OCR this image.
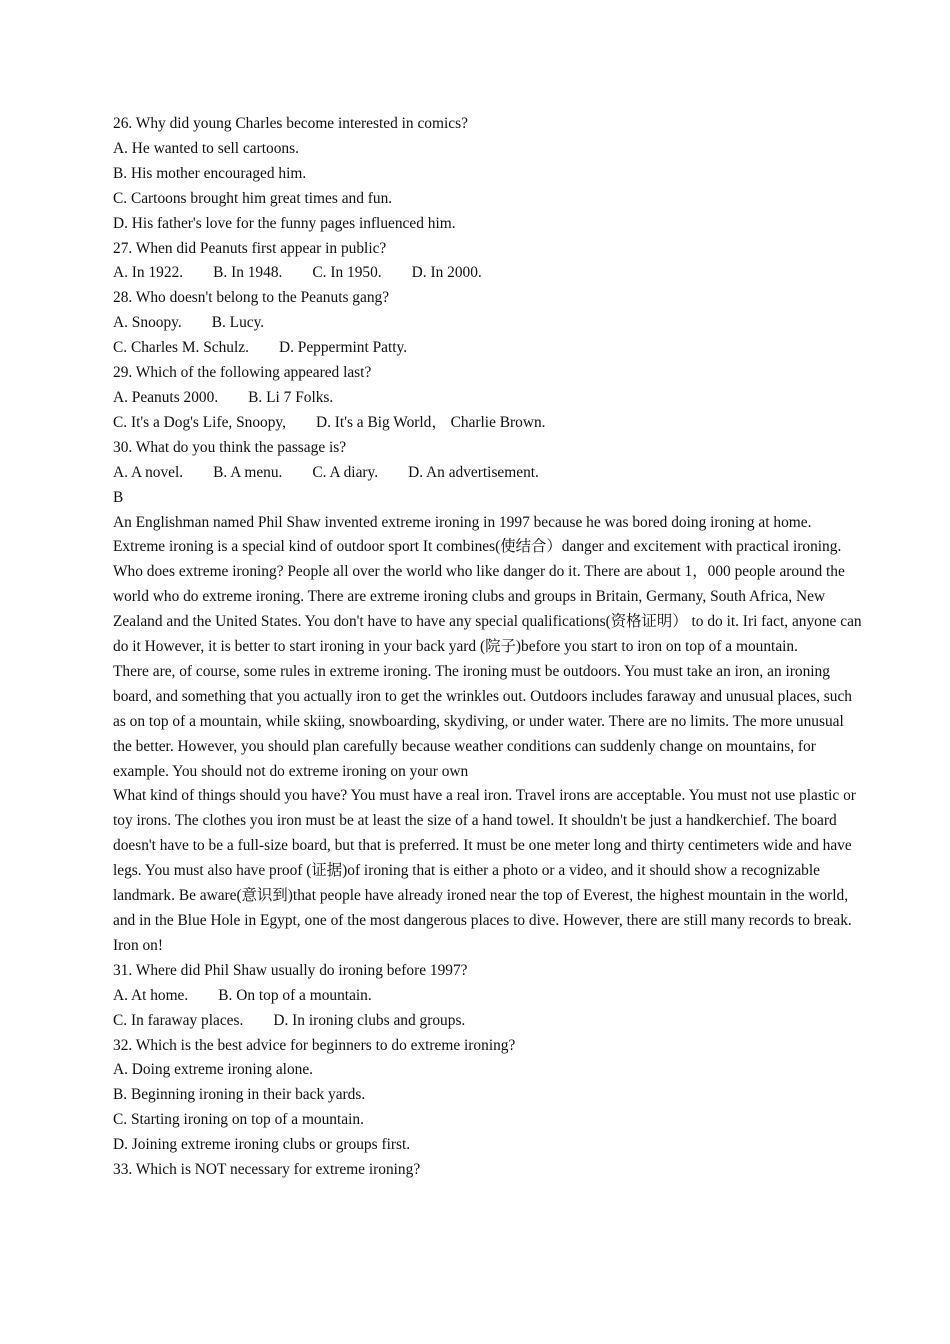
26. Why did young Charles become interested in comics?

A. He wanted to sell cartoons.

B. His mother encouraged him.

C. Cartoons brought him great times and fun.

D. His father's love for the funny pages influenced him.

27. When did Peanuts first appear in public?

A. In 1922. B. In 1948. C. In 1950. D. In 2000.

28. Who doesn't belong to the Peanuts gang?

A. Snoopy. B. Lucy.

C. Charles M. Schulz. D. Peppermint Patty.

29. Which of the following appeared last?

A. Peanuts 2000. B. Li 7 Folks.

C. It's a Dog's Life, Snoopy, D. It's a Big World， Charlie Brown.

30. What do you think the passage is?

A. A novel. B. A menu. C. A diary. D. An advertisement.

B

An Englishman named Phil Shaw invented extreme ironing in 1997 because he was bored doing ironing at home.

Extreme ironing is a special kind of outdoor sport It combines(使结合）danger and excitement with practical ironing.

Who does extreme ironing? People all over the world who like danger do it. There are about 1，000 people around the world who do extreme ironing. There are extreme ironing clubs and groups in Britain, Germany, South Africa, New Zealand and the United States. You don't have to have any special qualifications(资格证明） to do it. Iri fact, anyone can do it However, it is better to start ironing in your back yard (院子)before you start to iron on top of a mountain.

There are, of course, some rules in extreme ironing. The ironing must be outdoors. You must take an iron, an ironing board, and something that you actually iron to get the wrinkles out. Outdoors includes faraway and unusual places, such as on top of a mountain, while skiing, snowboarding, skydiving, or under water. There are no limits. The more unusual the better. However, you should plan carefully because weather conditions can suddenly change on mountains, for example. You should not do extreme ironing on your own

What kind of things should you have? You must have a real iron. Travel irons are acceptable. You must not use plastic or toy irons. The clothes you iron must be at least the size of a hand towel. It shouldn't be just a handkerchief. The board doesn't have to be a full-size board, but that is preferred. It must be one meter long and thirty centimeters wide and have legs. You must also have proof (证据)of ironing that is either a photo or a video, and it should show a recognizable landmark. Be aware(意识到)that people have already ironed near the top of Everest, the highest mountain in the world, and in the Blue Hole in Egypt, one of the most dangerous places to dive. However, there are still many records to break. Iron on!

31. Where did Phil Shaw usually do ironing before 1997?

A. At home. B. On top of a mountain.

C. In faraway places. D. In ironing clubs and groups.

32. Which is the best advice for beginners to do extreme ironing?

A. Doing extreme ironing alone.

B. Beginning ironing in their back yards.

C. Starting ironing on top of a mountain.

D. Joining extreme ironing clubs or groups first.

33. Which is NOT necessary for extreme ironing?
